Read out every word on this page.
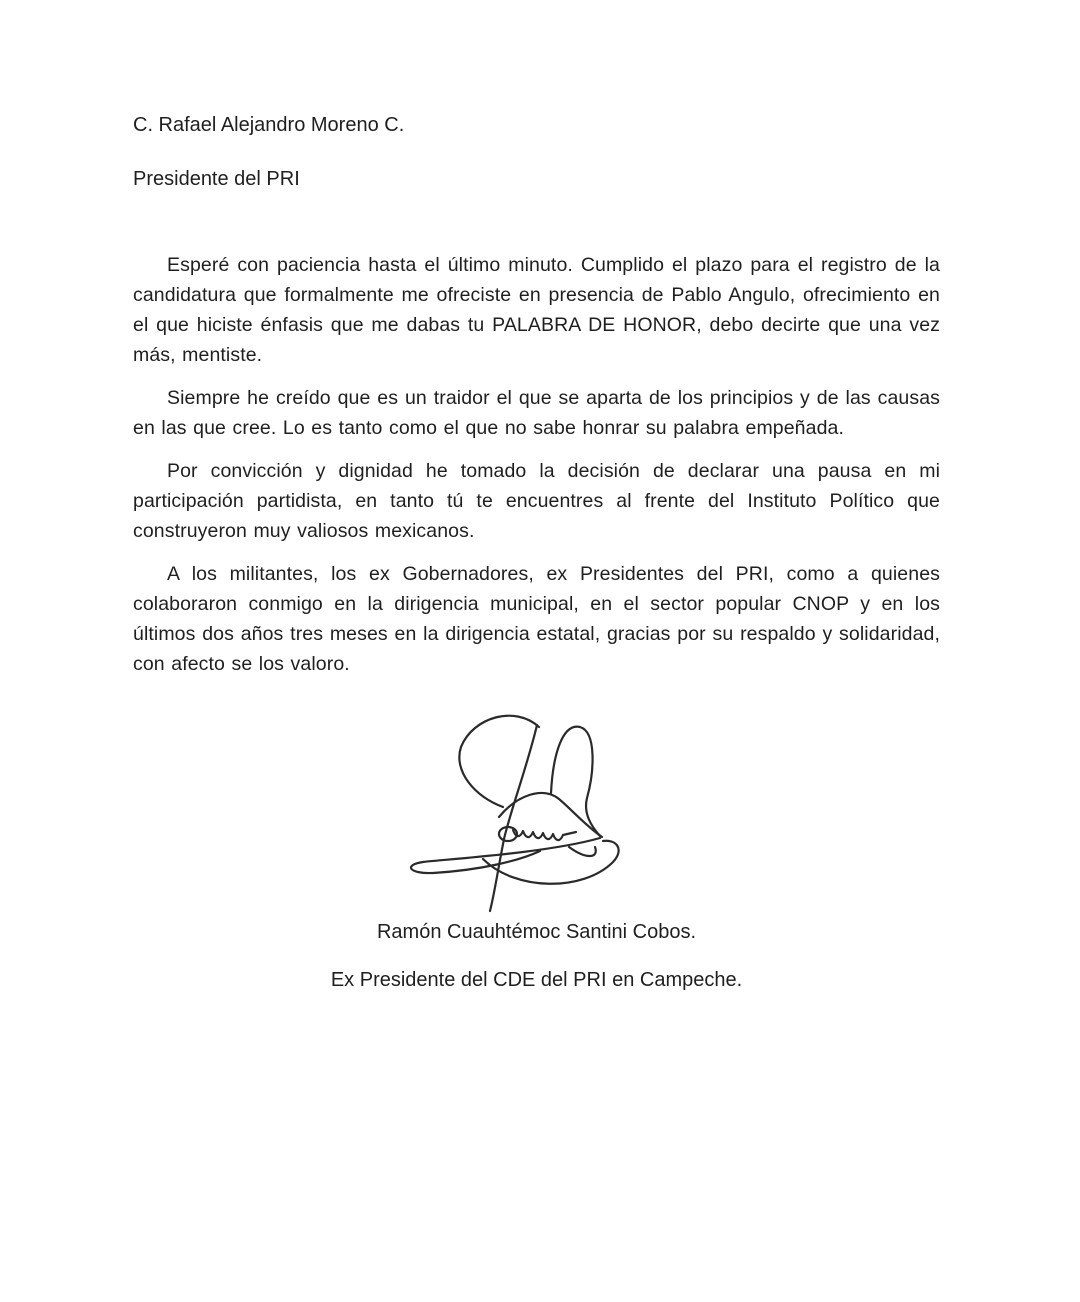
C. Rafael Alejandro Moreno C.
Presidente del PRI

Esperé con paciencia hasta el último minuto. Cumplido el plazo para el registro de la candidatura que formalmente me ofreciste en presencia de Pablo Angulo, ofrecimiento en el que hiciste énfasis que me dabas tu PALABRA DE HONOR, debo decirte que una vez más, mentiste.

Siempre he creído que es un traidor el que se aparta de los principios y de las causas en las que cree. Lo es tanto como el que no sabe honrar su palabra empeñada.

Por convicción y dignidad he tomado la decisión de declarar una pausa en mi participación partidista, en tanto tú te encuentres al frente del Instituto Político que construyeron muy valiosos mexicanos.

A los militantes, los ex Gobernadores, ex Presidentes del PRI, como a quienes colaboraron conmigo en la dirigencia municipal, en el sector popular CNOP y en los últimos dos años tres meses en la dirigencia estatal, gracias por su respaldo y solidaridad, con afecto se los valoro.

Ramón Cuauhtémoc Santini Cobos.
Ex Presidente del CDE del PRI en Campeche.
